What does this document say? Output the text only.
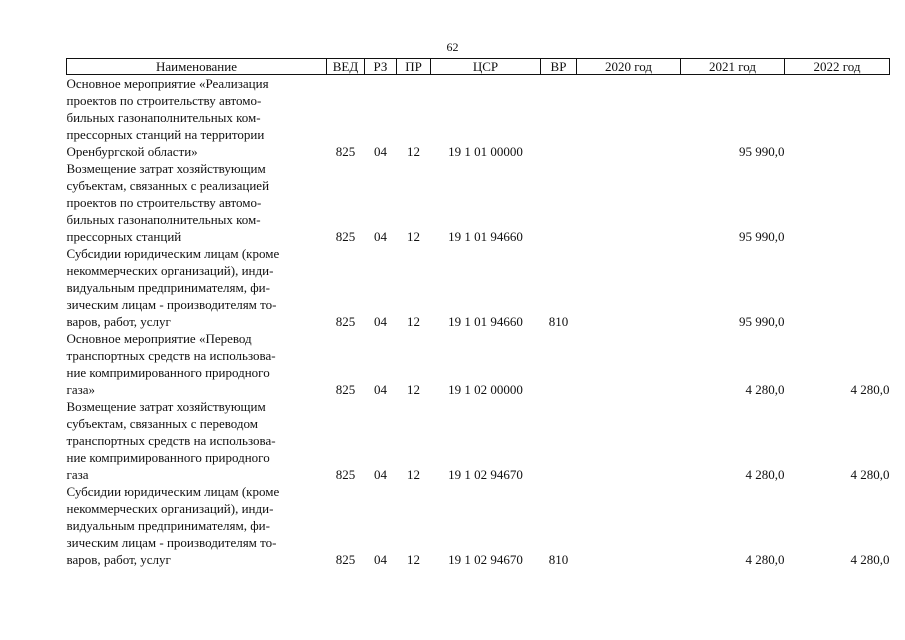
62
Наименование	ВЕД	РЗ	ПР	ЦСР	ВР	2020 год	2021 год	2022 год

Основное мероприятие «Реализация
проектов по строительству автомо-
бильных газонаполнительных ком-
прессорных станций на территории
Оренбургской области»	825	04	12	19 1 01 00000			95 990,0	

Возмещение затрат хозяйствующим
субъектам, связанных с реализацией
проектов по строительству автомо-
бильных газонаполнительных ком-
прессорных станций	825	04	12	19 1 01 94660			95 990,0	

Субсидии юридическим лицам (кроме
некоммерческих организаций), инди-
видуальным предпринимателям, фи-
зическим лицам - производителям то-
варов, работ, услуг	825	04	12	19 1 01 94660	810		95 990,0	

Основное мероприятие «Перевод
транспортных средств на использова-
ние компримированного природного
газа»	825	04	12	19 1 02 00000			4 280,0	4 280,0

Возмещение затрат хозяйствующим
субъектам, связанных с переводом
транспортных средств на использова-
ние компримированного природного
газа	825	04	12	19 1 02 94670			4 280,0	4 280,0

Субсидии юридическим лицам (кроме
некоммерческих организаций), инди-
видуальным предпринимателям, фи-
зическим лицам - производителям то-
варов, работ, услуг	825	04	12	19 1 02 94670	810		4 280,0	4 280,0
